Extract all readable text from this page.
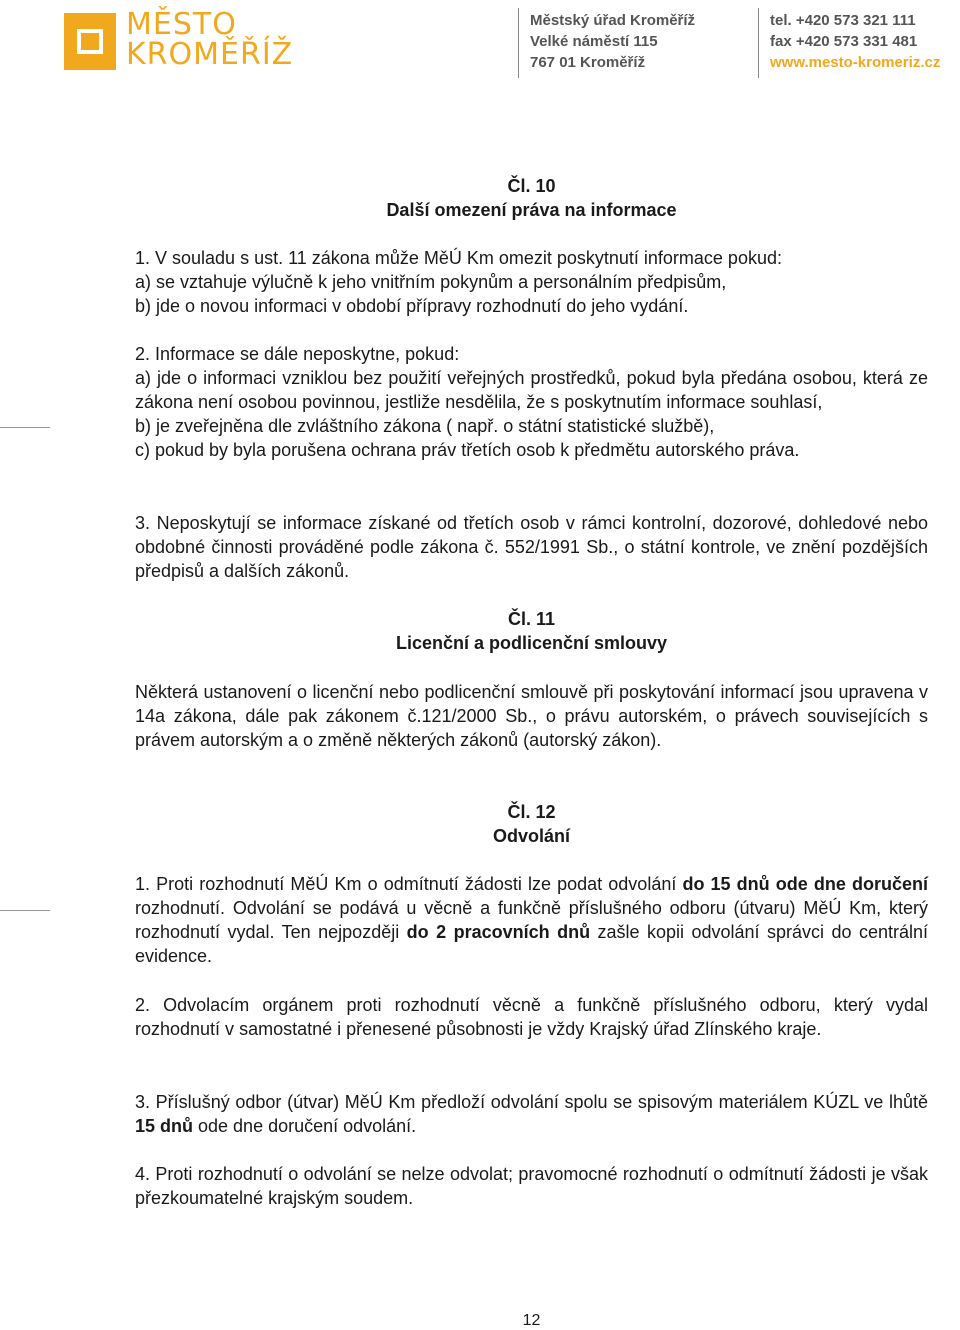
MĚSTO
KROMĚŘÍŽ
Městský úřad Kroměříž
Velké náměstí 115
767 01 Kroměříž
tel. +420 573 321 111
fax +420 573 331 481
www.mesto-kromeriz.cz
Čl. 10
Další omezení práva na informace
1. V souladu s ust. 11 zákona může MěÚ Km omezit poskytnutí informace pokud:
a) se vztahuje výlučně k jeho vnitřním pokynům a personálním předpisům,
b) jde o novou informaci v období přípravy rozhodnutí do jeho vydání.

2. Informace se dále neposkytne, pokud:

a) jde o informaci vzniklou bez použití veřejných prostředků, pokud byla předána osobou, která ze zákona není osobou povinnou, jestliže nesdělila, že s poskytnutím informace souhlasí,

b) je zveřejněna dle zvláštního zákona ( např. o státní statistické službě),

c) pokud by byla porušena ochrana práv třetích osob k předmětu autorského práva.

3. Neposkytují se informace získané od třetích osob v rámci kontrolní, dozorové, dohledové nebo obdobné činnosti prováděné podle zákona č. 552/1991 Sb., o státní kontrole, ve znění pozdějších předpisů a dalších zákonů.

Čl. 11
Licenční a podlicenční smlouvy

Některá ustanovení o licenční nebo podlicenční smlouvě při poskytování informací jsou upravena v 14a zákona, dále pak zákonem č.121/2000 Sb., o právu autorském, o právech souvisejících s právem autorským a o změně některých zákonů (autorský zákon).

Čl. 12
Odvolání

1. Proti rozhodnutí MěÚ Km o odmítnutí žádosti lze podat odvolání do 15 dnů ode dne doručení rozhodnutí. Odvolání se podává u věcně a funkčně příslušného odboru (útvaru) MěÚ Km, který rozhodnutí vydal. Ten nejpozději do 2 pracovních dnů zašle kopii odvolání správci do centrální evidence.

2. Odvolacím orgánem proti rozhodnutí věcně a funkčně příslušného odboru, který vydal rozhodnutí v samostatné i přenesené působnosti je vždy Krajský úřad Zlínského kraje.

3. Příslušný odbor (útvar) MěÚ Km předloží odvolání spolu se spisovým materiálem KÚZL ve lhůtě 15 dnů ode dne doručení odvolání.

4. Proti rozhodnutí o odvolání se nelze odvolat; pravomocné rozhodnutí o odmítnutí žádosti je však přezkoumatelné krajským soudem.

12
